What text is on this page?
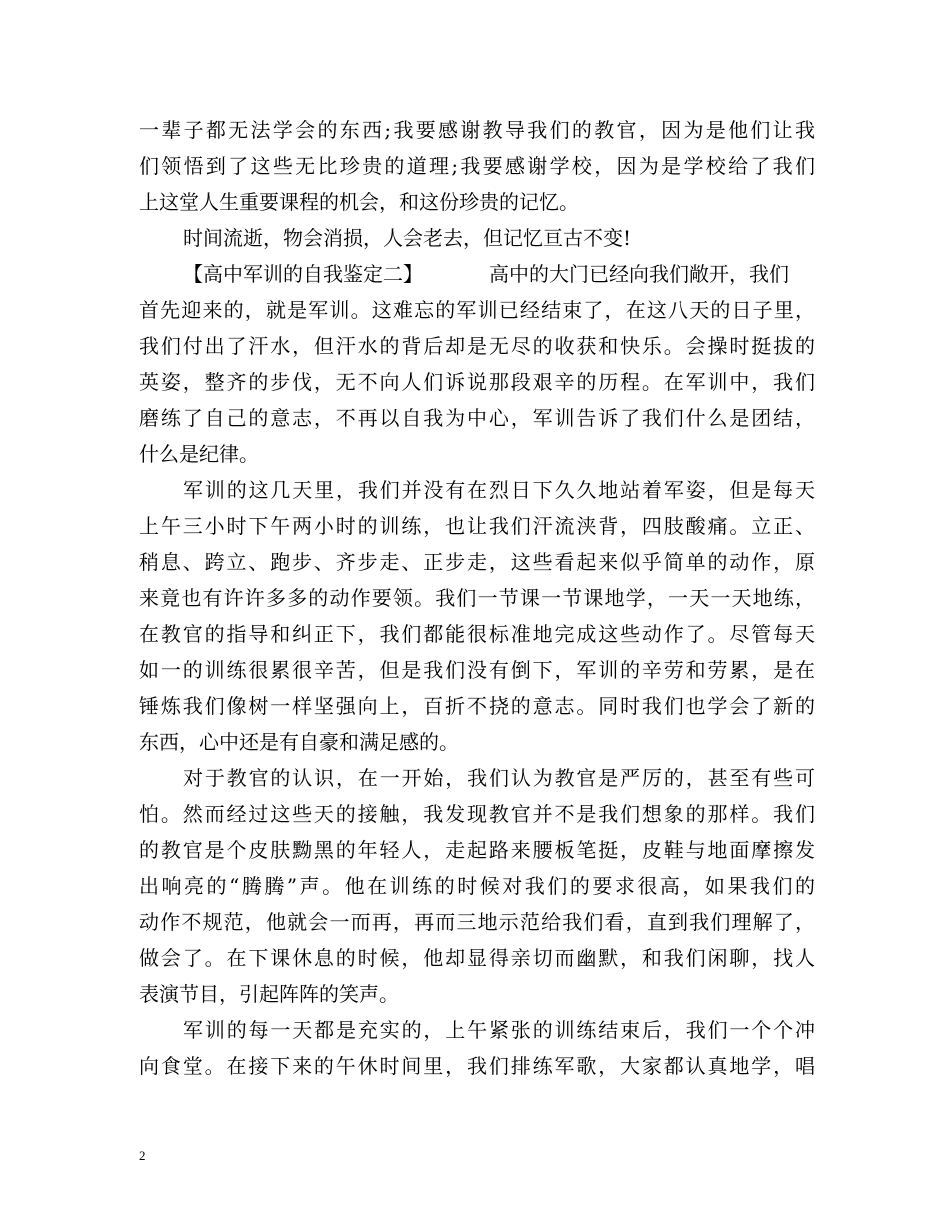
一辈子都无法学会的东西;我要感谢教导我们的教官，因为是他们让我
们领悟到了这些无比珍贵的道理;我要感谢学校，因为是学校给了我们
上这堂人生重要课程的机会，和这份珍贵的记忆。
时间流逝，物会消损，人会老去，但记忆亘古不变!
【高中军训的自我鉴定二】	高中的大门已经向我们敞开，我们
首先迎来的，就是军训。这难忘的军训已经结束了，在这八天的日子里，
我们付出了汗水，但汗水的背后却是无尽的收获和快乐。会操时挺拔的
英姿，整齐的步伐，无不向人们诉说那段艰辛的历程。在军训中，我们
磨练了自己的意志，不再以自我为中心，军训告诉了我们什么是团结，
什么是纪律。
军训的这几天里，我们并没有在烈日下久久地站着军姿，但是每天
上午三小时下午两小时的训练，也让我们汗流浃背，四肢酸痛。立正、
稍息、跨立、跑步、齐步走、正步走，这些看起来似乎简单的动作，原
来竟也有许许多多的动作要领。我们一节课一节课地学，一天一天地练，
在教官的指导和纠正下，我们都能很标准地完成这些动作了。尽管每天
如一的训练很累很辛苦，但是我们没有倒下，军训的辛劳和劳累，是在
锤炼我们像树一样坚强向上，百折不挠的意志。同时我们也学会了新的
东西，心中还是有自豪和满足感的。
对于教官的认识，在一开始，我们认为教官是严厉的，甚至有些可
怕。然而经过这些天的接触，我发现教官并不是我们想象的那样。我们
的教官是个皮肤黝黑的年轻人，走起路来腰板笔挺，皮鞋与地面摩擦发
出响亮的“腾腾”声。他在训练的时候对我们的要求很高，如果我们的
动作不规范，他就会一而再，再而三地示范给我们看，直到我们理解了，
做会了。在下课休息的时候，他却显得亲切而幽默，和我们闲聊，找人
表演节目，引起阵阵的笑声。
军训的每一天都是充实的，上午紧张的训练结束后，我们一个个冲
向食堂。在接下来的午休时间里，我们排练军歌，大家都认真地学，唱
2
